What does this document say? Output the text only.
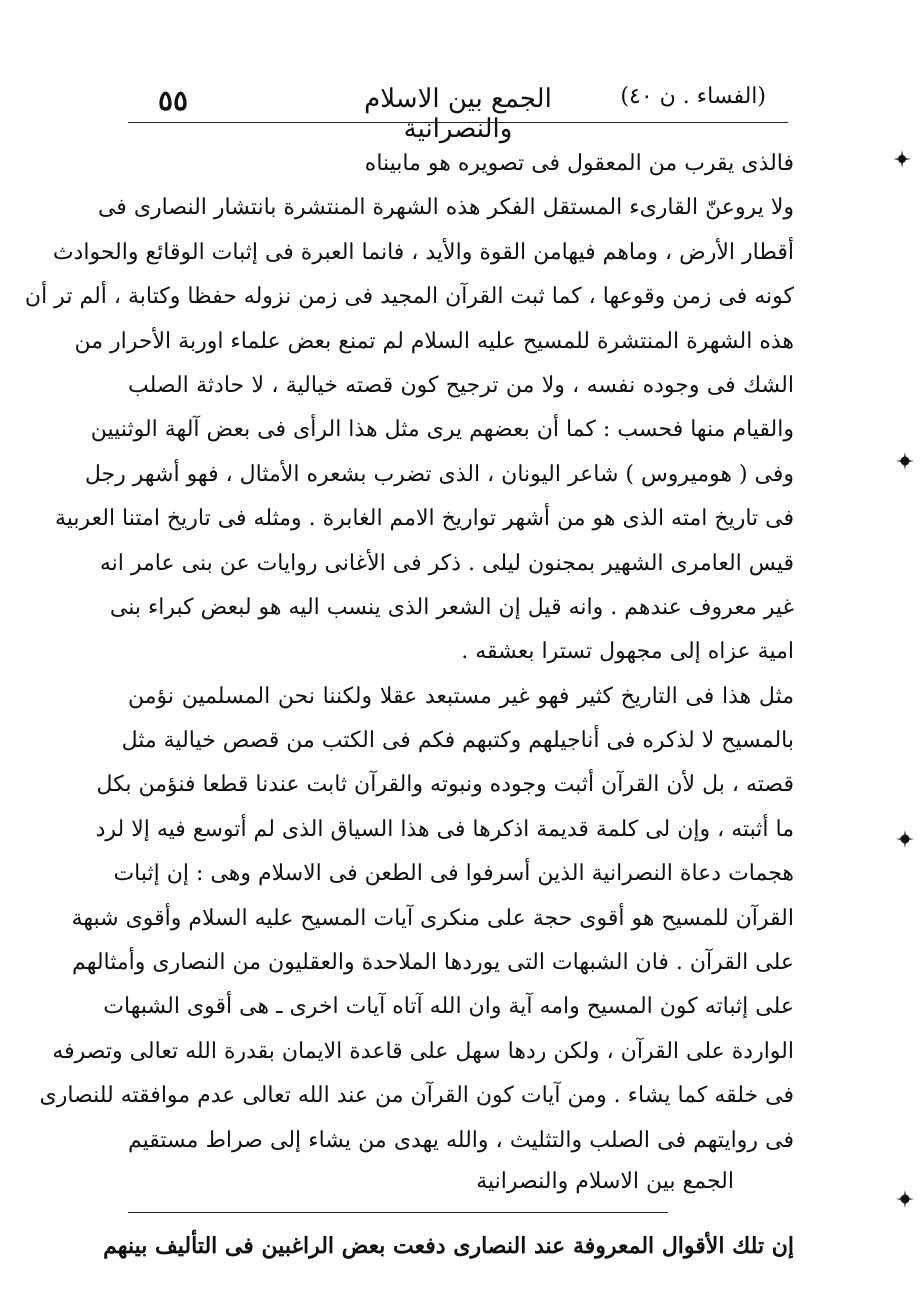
٥٥	الجمع بين الاسلام والنصرانية
(الفساء . ن ٤٠)
فالذى يقرب من المعقول فى تصويره هو مابيناه
ولا يروعنّ القارىء المستقل الفكر هذه الشهرة المنتشرة بانتشار النصارى فى
أقطار الأرض ، وماهم فيهامن القوة والأيد ، فانما العبرة فى إثبات الوقائع والحوادث
كونه فى زمن وقوعها ، كما ثبت القرآن المجيد فى زمن نزوله حفظا وكتابة ، ألم تر أن
هذه الشهرة المنتشرة للمسيح عليه السلام لم تمنع بعض علماء اوربة الأحرار من
الشك فى وجوده نفسه ، ولا من ترجيح كون قصته خيالية ، لا حادثة الصلب
والقيام منها فحسب : كما أن بعضهم يرى مثل هذا الرأى فى بعض آلهة الوثنيين
وفى ( هوميروس ) شاعر اليونان ، الذى تضرب بشعره الأمثال ، فهو أشهر رجل
فى تاريخ امته الذى هو من أشهر تواريخ الامم الغابرة . ومثله فى تاريخ امتنا العربية
قيس العامرى الشهير بمجنون ليلى . ذكر فى الأغانى روايات عن بنى عامر انه
غير معروف عندهم . وانه قيل إن الشعر الذى ينسب اليه هو لبعض كبراء بنى
امية عزاه إلى مجهول تسترا بعشقه .
مثل هذا فى التاريخ كثير فهو غير مستبعد عقلا ولكننا نحن المسلمين نؤمن
بالمسيح لا لذكره فى أناجيلهم وكتبهم فكم فى الكتب من قصص خيالية مثل
قصته ، بل لأن القرآن أثبت وجوده ونبوته والقرآن ثابت عندنا قطعا فنؤمن بكل
ما أثبته ، وإن لى كلمة قديمة اذكرها فى هذا السياق الذى لم أتوسع فيه إلا لرد
هجمات دعاة النصرانية الذين أسرفوا فى الطعن فى الاسلام وهى : إن إثبات
القرآن للمسيح هو أقوى حجة على منكرى آيات المسيح عليه السلام وأقوى شبهة
على القرآن . فان الشبهات التى يوردها الملاحدة والعقليون من النصارى وأمثالهم
على إثباته كون المسيح وامه آية وان الله آتاه آيات اخرى ـ هى أقوى الشبهات
الواردة على القرآن ، ولكن ردها سهل على قاعدة الايمان بقدرة الله تعالى وتصرفه
فى خلقه كما يشاء . ومن آيات كون القرآن من عند الله تعالى عدم موافقته للنصارى
فى روايتهم فى الصلب والتثليث ، والله يهدى من يشاء إلى صراط مستقيم
الجمع بين الاسلام والنصرانية
إن تلك الأقوال المعروفة عند النصارى دفعت بعض الراغبين فى التأليف بينهم
